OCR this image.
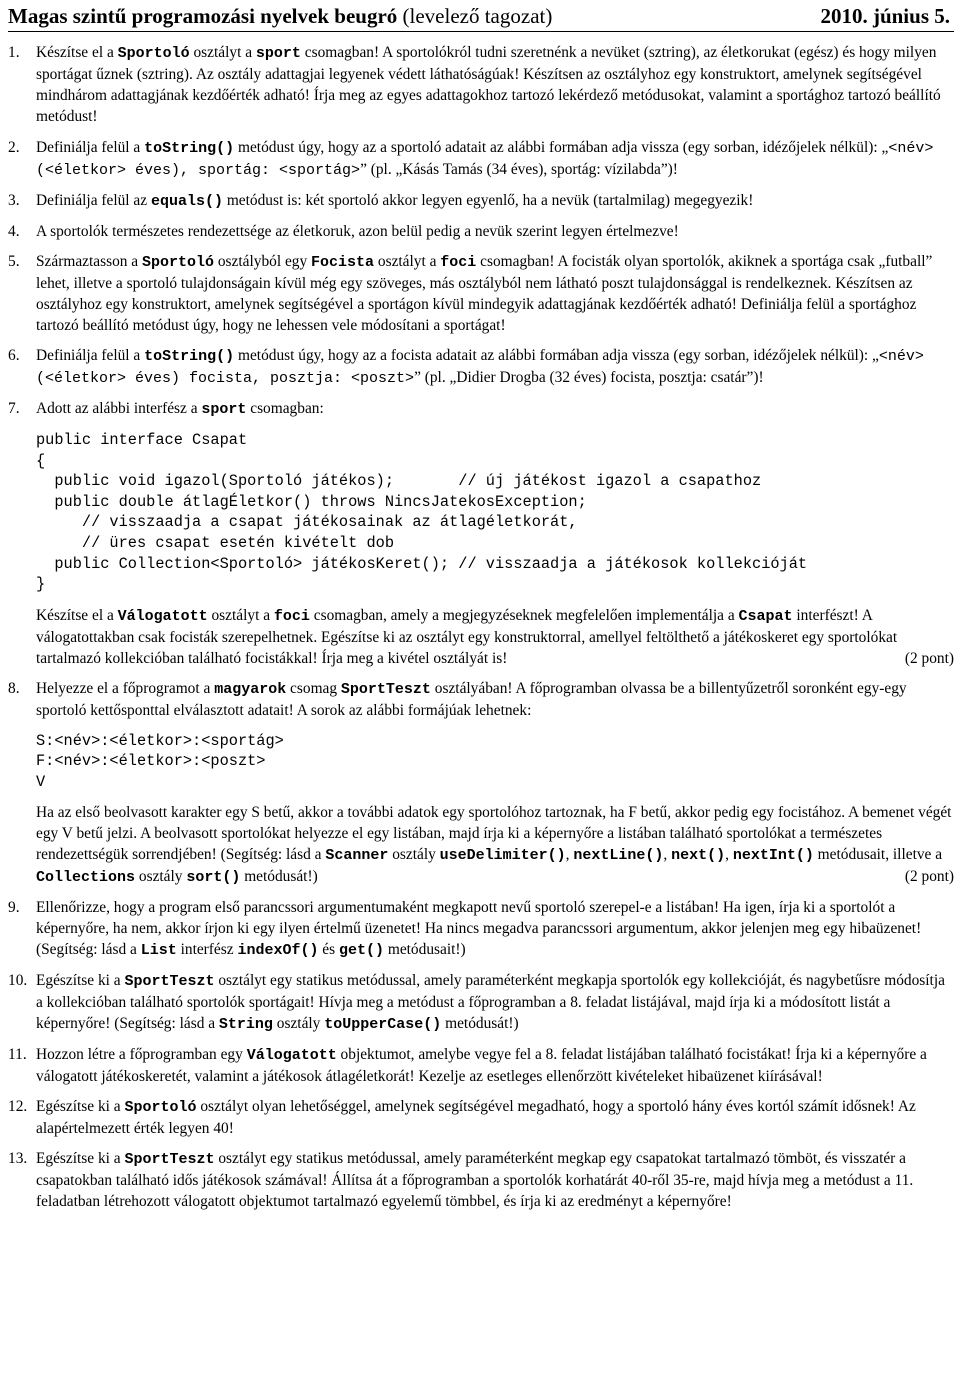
Magas szintű programozási nyelvek beugró (levelező tagozat)	2010. június 5.
1.	Készítse el a Sportoló osztályt a sport csomagban! A sportolókról tudni szeretnénk a nevüket (sztring), az életkorukat (egész) és hogy milyen sportágat űznek (sztring). Az osztály adattagjai legyenek védett láthatóságúak! Készítsen az osztályhoz egy konstruktort, amelynek segítségével mindhárom adattagjának kezdőérték adható! Írja meg az egyes adattagokhoz tartozó lekérdező metódusokat, valamint a sportághoz tartozó beállító metódust!

2.	Definiálja felül a toString() metódust úgy, hogy az a sportoló adatait az alábbi formában adja vissza (egy sorban, idézőjelek nélkül): „<név> (<életkor> éves), sportág: <sportág>” (pl. „Kásás Tamás (34 éves), sportág: vízilabda”)!

3.	Definiálja felül az equals() metódust is: két sportoló akkor legyen egyenlő, ha a nevük (tartalmilag) megegyezik!

4.	A sportolók természetes rendezettsége az életkoruk, azon belül pedig a nevük szerint legyen értelmezve!

5.	Származtasson a Sportoló osztályból egy Focista osztályt a foci csomagban! A focisták olyan sportolók, akiknek a sportága csak „futball” lehet, illetve a sportoló tulajdonságain kívül még egy szöveges, más osztályból nem látható poszt tulajdonsággal is rendelkeznek. Készítsen az osztályhoz egy konstruktort, amelynek segítségével a sportágon kívül mindegyik adattagjának kezdőérték adható! Definiálja felül a sportághoz tartozó beállító metódust úgy, hogy ne lehessen vele módosítani a sportágat!

6.	Definiálja felül a toString() metódust úgy, hogy az a focista adatait az alábbi formában adja vissza (egy sorban, idézőjelek nélkül): „<név> (<életkor> éves) focista, posztja: <poszt>” (pl. „Didier Drogba (32 éves) focista, posztja: csatár”)!

7.	Adott az alábbi interfész a sport csomagban:

public interface Csapat
{
public void igazol(Sportoló játékos);       // új játékost igazol a csapathoz
public double átlagÉletkor() throws NincsJatekosException;
// visszaadja a csapat játékosainak az átlagéletkorát,
// üres csapat esetén kivételt dob
public Collection<Sportoló> játékosKeret(); // visszaadja a játékosok kollekcióját
}

Készítse el a Válogatott osztályt a foci csomagban, amely a megjegyzéseknek megfelelően implementálja a Csapat interfészt! A válogatottakban csak focisták szerepelhetnek. Egészítse ki az osztályt egy konstruktorral, amellyel feltölthető a játékoskeret egy sportolókat tartalmazó kollekcióban található focistákkal! Írja meg a kivétel osztályát is!	(2 pont)

8.	Helyezze el a főprogramot a magyarok csomag SportTeszt osztályában! A főprogramban olvassa be a billentyűzetről soronként egy-egy sportoló kettősponttal elválasztott adatait! A sorok az alábbi formájúak lehetnek:

S:<név>:<életkor>:<sportág>
F:<név>:<életkor>:<poszt>
V

Ha az első beolvasott karakter egy S betű, akkor a további adatok egy sportolóhoz tartoznak, ha F betű, akkor pedig egy focistához. A bemenet végét egy V betű jelzi. A beolvasott sportolókat helyezze el egy listában, majd írja ki a képernyőre a listában található sportolókat a természetes rendezettségük sorrendjében! (Segítség: lásd a Scanner osztály useDelimiter(), nextLine(), next(), nextInt() metódusait, illetve a Collections osztály sort() metódusát!)	(2 pont)

9.	Ellenőrizze, hogy a program első parancssori argumentumaként megkapott nevű sportoló szerepel-e a listában! Ha igen, írja ki a sportolót a képernyőre, ha nem, akkor írjon ki egy ilyen értelmű üzenetet! Ha nincs megadva parancssori argumentum, akkor jelenjen meg egy hibaüzenet! (Segítség: lásd a List interfész indexOf() és get() metódusait!)

10. Egészítse ki a SportTeszt osztályt egy statikus metódussal, amely paraméterként megkapja sportolók egy kollekcióját, és nagybetűsre módosítja a kollekcióban található sportolók sportágait! Hívja meg a metódust a főprogramban a 8. feladat listájával, majd írja ki a módosított listát a képernyőre! (Segítség: lásd a String osztály toUpperCase() metódusát!)

11. Hozzon létre a főprogramban egy Válogatott objektumot, amelybe vegye fel a 8. feladat listájában található focistákat! Írja ki a képernyőre a válogatott játékoskeretét, valamint a játékosok átlagéletkorát! Kezelje az esetleges ellenőrzött kivételeket hibaüzenet kiírásával!

12. Egészítse ki a Sportoló osztályt olyan lehetőséggel, amelynek segítségével megadható, hogy a sportoló hány éves kortól számít idősnek! Az alapértelmezett érték legyen 40!

13. Egészítse ki a SportTeszt osztályt egy statikus metódussal, amely paraméterként megkap egy csapatokat tartalmazó tömböt, és visszatér a csapatokban található idős játékosok számával! Állítsa át a főprogramban a sportolók korhatárát 40-ről 35-re, majd hívja meg a metódust a 11. feladatban létrehozott válogatott objektumot tartalmazó egyelemű tömbbel, és írja ki az eredményt a képernyőre!
